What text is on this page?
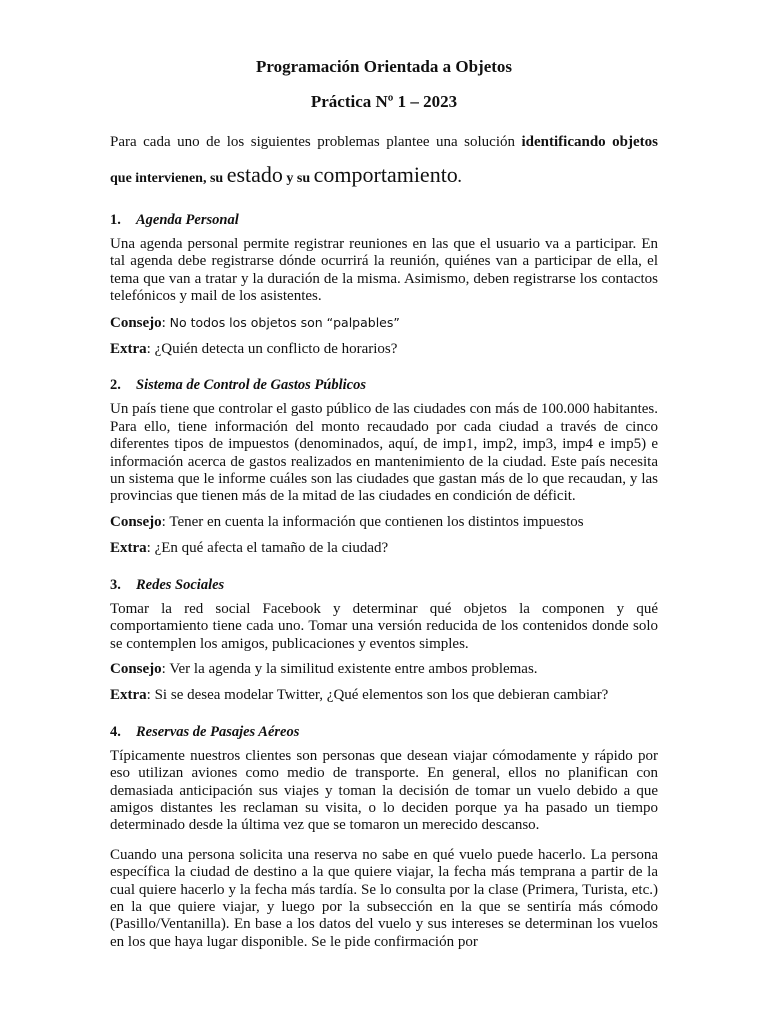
Programación Orientada a Objetos
Práctica Nº 1 – 2023
Para cada uno de los siguientes problemas plantee una solución identificando objetos
que intervienen, su estado y su comportamiento.
1. Agenda Personal

Una agenda personal permite registrar reuniones en las que el usuario va a participar. En tal agenda debe registrarse dónde ocurrirá la reunión, quiénes van a participar de ella, el tema que van a tratar y la duración de la misma. Asimismo, deben registrarse los contactos telefónicos y mail de los asistentes.

Consejo: No todos los objetos son “palpables”

Extra: ¿Quién detecta un conflicto de horarios?

2. Sistema de Control de Gastos Públicos

Un país tiene que controlar el gasto público de las ciudades con más de 100.000 habitantes. Para ello, tiene información del monto recaudado por cada ciudad a través de cinco diferentes tipos de impuestos (denominados, aquí, de imp1, imp2, imp3, imp4 e imp5) e información acerca de gastos realizados en mantenimiento de la ciudad. Este país necesita un sistema que le informe cuáles son las ciudades que gastan más de lo que recaudan, y las provincias que tienen más de la mitad de las ciudades en condición de déficit.

Consejo: Tener en cuenta la información que contienen los distintos impuestos

Extra: ¿En qué afecta el tamaño de la ciudad?

3. Redes Sociales

Tomar la red social Facebook y determinar qué objetos la componen y qué comportamiento tiene cada uno. Tomar una versión reducida de los contenidos donde solo se contemplen los amigos, publicaciones y eventos simples.

Consejo: Ver la agenda y la similitud existente entre ambos problemas.

Extra: Si se desea modelar Twitter, ¿Qué elementos son los que debieran cambiar?

4. Reservas de Pasajes Aéreos

Típicamente nuestros clientes son personas que desean viajar cómodamente y rápido por eso utilizan aviones como medio de transporte. En general, ellos no planifican con demasiada anticipación sus viajes y toman la decisión de tomar un vuelo debido a que amigos distantes les reclaman su visita, o lo deciden porque ya ha pasado un tiempo determinado desde la última vez que se tomaron un merecido descanso.

Cuando una persona solicita una reserva no sabe en qué vuelo puede hacerlo. La persona específica la ciudad de destino a la que quiere viajar, la fecha más temprana a partir de la cual quiere hacerlo y la fecha más tardía. Se lo consulta por la clase (Primera, Turista, etc.) en la que quiere viajar, y luego por la subsección en la que se sentiría más cómodo (Pasillo/Ventanilla). En base a los datos del vuelo y sus intereses se determinan los vuelos en los que haya lugar disponible. Se le pide confirmación por
